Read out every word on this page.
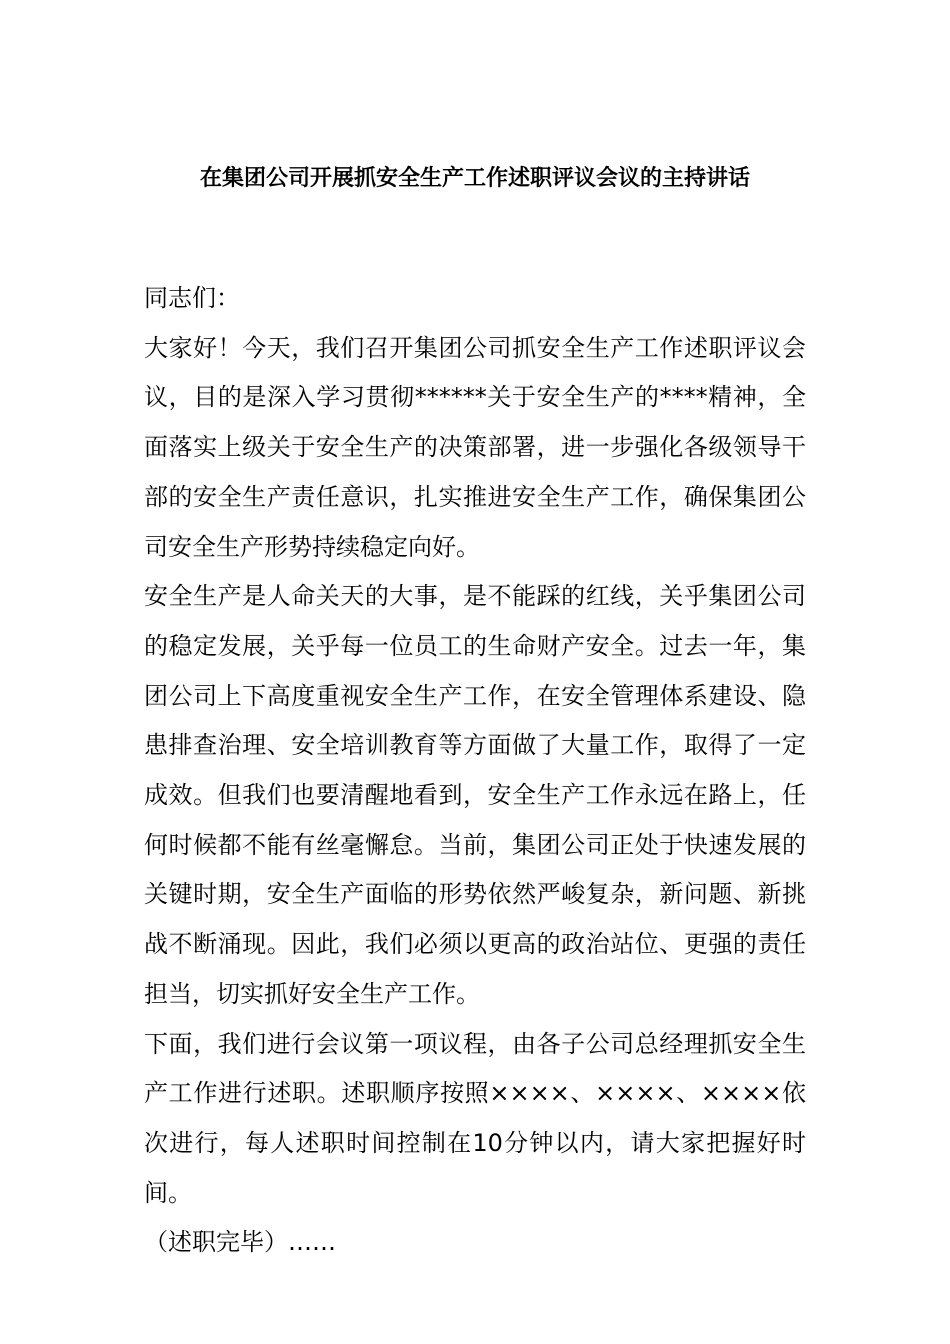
在集团公司开展抓安全生产工作述职评议会议的主持讲话

同志们：

大家好！今天，我们召开集团公司抓安全生产工作述职评议会议，目的是深入学习贯彻******关于安全生产的****精神，全面落实上级关于安全生产的决策部署，进一步强化各级领导干部的安全生产责任意识，扎实推进安全生产工作，确保集团公司安全生产形势持续稳定向好。

安全生产是人命关天的大事，是不能踩的红线，关乎集团公司的稳定发展，关乎每一位员工的生命财产安全。过去一年，集团公司上下高度重视安全生产工作，在安全管理体系建设、隐患排查治理、安全培训教育等方面做了大量工作，取得了一定成效。但我们也要清醒地看到，安全生产工作永远在路上，任何时候都不能有丝毫懈怠。当前，集团公司正处于快速发展的关键时期，安全生产面临的形势依然严峻复杂，新问题、新挑战不断涌现。因此，我们必须以更高的政治站位、更强的责任担当，切实抓好安全生产工作。

下面，我们进行会议第一项议程，由各子公司总经理抓安全生产工作进行述职。述职顺序按照××××、××××、××××依次进行，每人述职时间控制在10分钟以内，请大家把握好时间。

（述职完毕）……
